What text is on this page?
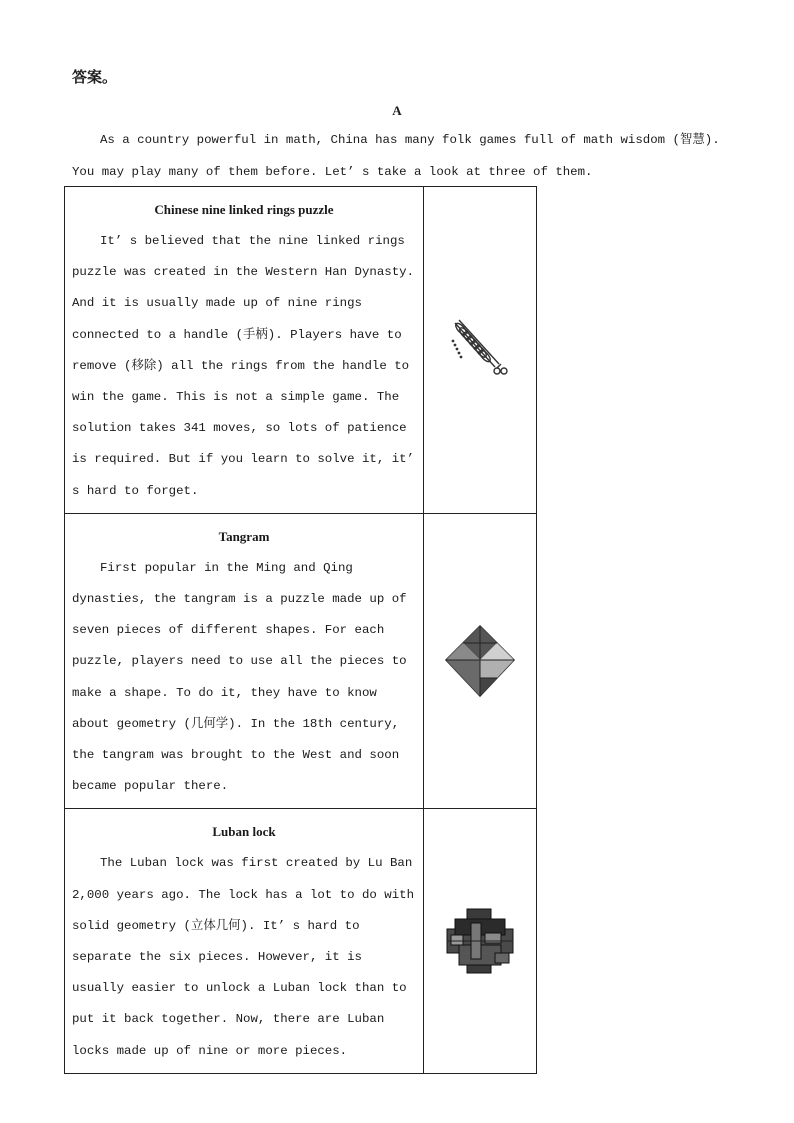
答案。
A

As a country powerful in math, China has many folk games full of math wisdom (智慧). You may play many of them before. Let’ s take a look at three of them.

Chinese nine linked rings puzzle

It’ s believed that the nine linked rings puzzle was created in the Western Han Dynasty. And it is usually made up of nine rings connected to a handle (手柄). Players have to remove (移除) all the rings from the handle to win the game. This is not a simple game. The solution takes 341 moves, so lots of patience is required. But if you learn to solve it, it’ s hard to forget.

Tangram

First popular in the Ming and Qing dynasties, the tangram is a puzzle made up of seven pieces of different shapes. For each puzzle, players need to use all the pieces to make a shape. To do it, they have to know about geometry (几何学). In the 18th century, the tangram was brought to the West and soon became popular there.

Luban lock

The Luban lock was first created by Lu Ban 2,000 years ago. The lock has a lot to do with solid geometry (立体几何). It’ s hard to separate the six pieces. However, it is usually easier to unlock a Luban lock than to put it back together. Now, there are Luban locks made up of nine or more pieces.
